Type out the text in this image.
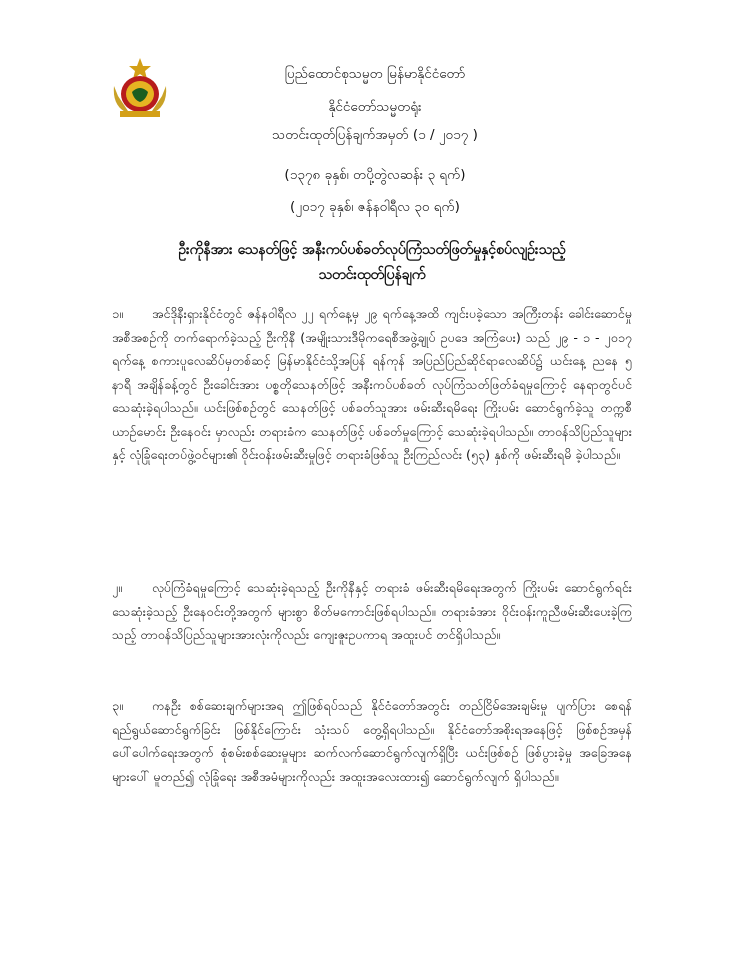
ပြည်ထောင်စုသမ္မတ မြန်မာနိုင်ငံတော်
နိုင်ငံတော်သမ္မတရုံး
သတင်းထုတ်ပြန်ချက်အမှတ် (၁ / ၂၀၁၇ )
(၁၃၇၈ ခုနှစ်၊ တပို့တွဲလဆန်း ၃ ရက်)
(၂၀၁၇ ခုနှစ်၊ ဇန်နဝါရီလ ၃၀ ရက်)
ဦးကိုနီအား သေနတ်ဖြင့် အနီးကပ်ပစ်ခတ်လုပ်ကြံသတ်ဖြတ်မှုနှင့်စပ်လျဉ်းသည့်
သတင်းထုတ်ပြန်ချက်
၁။ အင်ဒိုနီးရှားနိုင်ငံတွင် ဇန်နဝါရီလ ၂၂ ရက်နေ့မှ ၂၉ ရက်နေ့အထိ ကျင်းပခဲ့သော အကြီးတန်း ခေါင်းဆောင်မှု အစီအစဉ်ကို တက်ရောက်ခဲ့သည့် ဦးကိုနီ (အမျိုးသားဒီမိုကရေစီအဖွဲ့ချုပ် ဥပဒေ အကြံပေး) သည် ၂၉ - ၁ - ၂၀၁၇ ရက်နေ့ စကားပူလေဆိပ်မှတစ်ဆင့် မြန်မာနိုင်ငံသို့အပြန် ရန်ကုန် အပြည်ပြည်ဆိုင်ရာလေဆိပ်၌ ယင်းနေ့ ညနေ ၅ နာရီ အချိန်ခန့်တွင် ဦးခေါင်းအား ပစ္စတိုသေနတ်ဖြင့် အနီးကပ်ပစ်ခတ် လုပ်ကြံသတ်ဖြတ်ခံရမှုကြောင့် နေရာတွင်ပင် သေဆုံးခဲ့ရပါသည်။ ယင်းဖြစ်စဉ်တွင် သေနတ်ဖြင့် ပစ်ခတ်သူအား ဖမ်းဆီးရမိရေး ကြိုးပမ်း ဆောင်ရွက်ခဲ့သူ တက္ကစီယာဉ်မောင်း ဦးနေဝင်း မှာလည်း တရားခံက သေနတ်ဖြင့် ပစ်ခတ်မှုကြောင့် သေဆုံးခဲ့ရပါသည်။ တာဝန်သိပြည်သူများနှင့် လုံခြုံရေးတပ်ဖွဲ့ဝင်များ၏ ဝိုင်းဝန်းဖမ်းဆီးမှုဖြင့် တရားခံဖြစ်သူ ဦးကြည်လင်း (၅၃) နှစ်ကို ဖမ်းဆီးရမိ ခဲ့ပါသည်။
၂။ လုပ်ကြံခံရမှုကြောင့် သေဆုံးခဲ့ရသည့် ဦးကိုနီနှင့် တရားခံ ဖမ်းဆီးရမိရေးအတွက် ကြိုးပမ်း ဆောင်ရွက်ရင်း သေဆုံးခဲ့သည့် ဦးနေဝင်းတို့အတွက် များစွာ စိတ်မကောင်းဖြစ်ရပါသည်။ တရားခံအား ဝိုင်းဝန်းကူညီဖမ်းဆီးပေးခဲ့ကြသည့် တာဝန်သိပြည်သူများအားလုံးကိုလည်း ကျေးဇူးဥပကာရ အထူးပင် တင်ရှိပါသည်။
၃။ ကနဦး စစ်ဆေးချက်များအရ ဤဖြစ်ရပ်သည် နိုင်ငံတော်အတွင်း တည်ငြိမ်အေးချမ်းမှု ပျက်ပြား စေရန် ရည်ရွယ်ဆောင်ရွက်ခြင်း ဖြစ်နိုင်ကြောင်း သုံးသပ် တွေ့ရှိရပါသည်။ နိုင်ငံတော်အစိုးရအနေဖြင့် ဖြစ်စဉ်အမှန် ပေါ်ပေါက်ရေးအတွက် စုံစမ်းစစ်ဆေးမှုများ ဆက်လက်ဆောင်ရွက်လျက်ရှိပြီး ယင်းဖြစ်စဉ် ဖြစ်ပွားခဲ့မှု အခြေအနေများပေါ် မူတည်၍ လုံခြုံရေး အစီအမံများကိုလည်း အထူးအလေးထား၍ ဆောင်ရွက်လျက် ရှိပါသည်။
